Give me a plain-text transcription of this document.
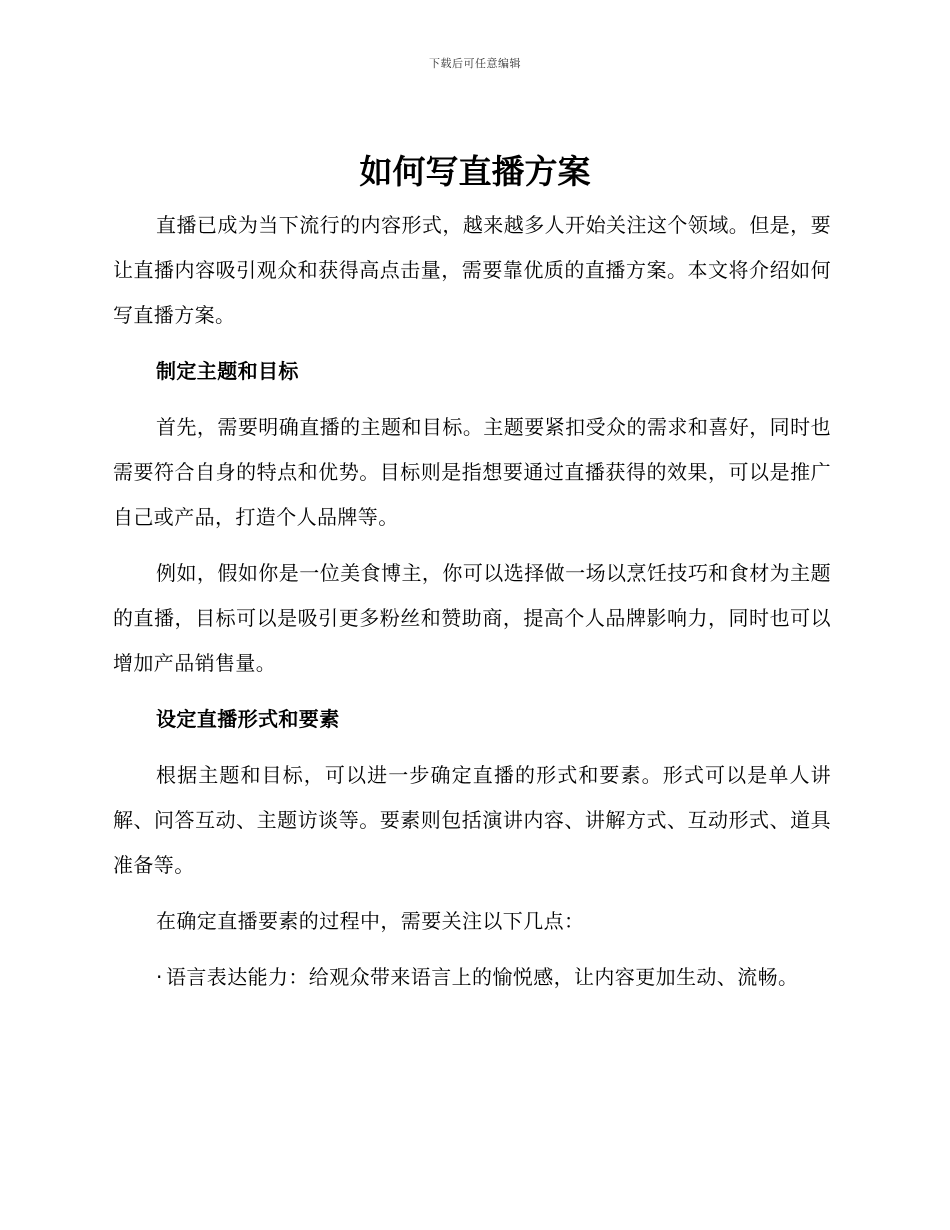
下载后可任意编辑
如何写直播方案

直播已成为当下流行的内容形式，越来越多人开始关注这个领域。但是，要让直播内容吸引观众和获得高点击量，需要靠优质的直播方案。本文将介绍如何写直播方案。

制定主题和目标

首先，需要明确直播的主题和目标。主题要紧扣受众的需求和喜好，同时也需要符合自身的特点和优势。目标则是指想要通过直播获得的效果，可以是推广自己或产品，打造个人品牌等。

例如，假如你是一位美食博主，你可以选择做一场以烹饪技巧和食材为主题的直播，目标可以是吸引更多粉丝和赞助商，提高个人品牌影响力，同时也可以增加产品销售量。

设定直播形式和要素

根据主题和目标，可以进一步确定直播的形式和要素。形式可以是单人讲解、问答互动、主题访谈等。要素则包括演讲内容、讲解方式、互动形式、道具准备等。

在确定直播要素的过程中，需要关注以下几点：

· 语言表达能力：给观众带来语言上的愉悦感，让内容更加生动、流畅。
